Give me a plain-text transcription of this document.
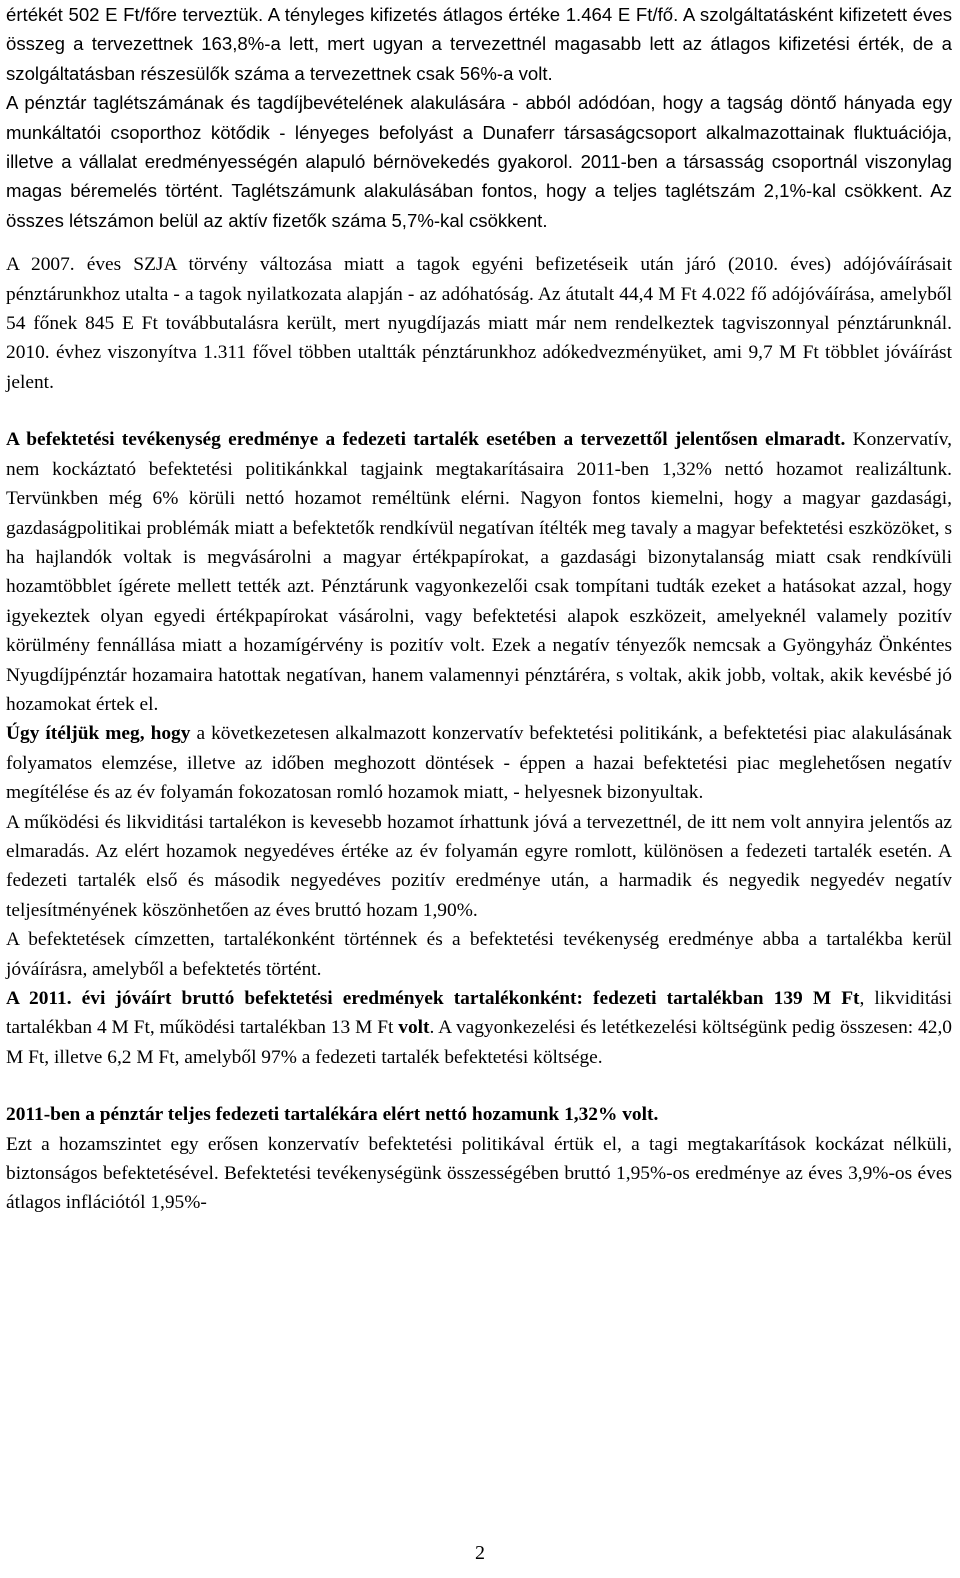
értékét 502 E Ft/főre terveztük. A tényleges kifizetés átlagos értéke 1.464 E Ft/fő. A szolgáltatásként kifizetett éves összeg a tervezettnek 163,8%-a lett, mert ugyan a tervezettnél magasabb lett az átlagos kifizetési érték, de a szolgáltatásban részesülők száma a tervezettnek csak 56%-a volt.

A pénztár taglétszámának és tagdíjbevételének alakulására - abból adódóan, hogy a tagság döntő hányada egy munkáltatói csoporthoz kötődik - lényeges befolyást a Dunaferr társaságcsoport alkalmazottainak fluktuációja, illetve a vállalat eredményességén alapuló bérnövekedés gyakorol. 2011-ben a társasság csoportnál viszonylag magas béremelés történt. Taglétszámunk alakulásában fontos, hogy a teljes taglétszám 2,1%-kal csökkent. Az összes létszámon belül az aktív fizetők száma 5,7%-kal csökkent.

A 2007. éves SZJA törvény változása miatt a tagok egyéni befizetéseik után járó (2010. éves) adójóváírásait pénztárunkhoz utalta - a tagok nyilatkozata alapján - az adóhatóság. Az átutalt 44,4 M Ft 4.022 fő adójóváírása, amelyből 54 főnek 845 E Ft továbbutalásra került, mert nyugdíjazás miatt már nem rendelkeztek tagviszonnyal pénztárunknál. 2010. évhez viszonyítva 1.311 fővel többen utaltták pénztárunkhoz adókedvezményüket, ami 9,7 M Ft többlet jóváírást jelent.

A befektetési tevékenység eredménye a fedezeti tartalék esetében a tervezettől jelentősen elmaradt. Konzervatív, nem kockáztató befektetési politikánkkal tagjaink megtakarításaira 2011-ben 1,32% nettó hozamot realizáltunk. Tervünkben még 6% körüli nettó hozamot reméltünk elérni. Nagyon fontos kiemelni, hogy a magyar gazdasági, gazdaságpolitikai problémák miatt a befektetők rendkívül negatívan ítélték meg tavaly a magyar befektetési eszközöket, s ha hajlandók voltak is megvásárolni a magyar értékpapírokat, a gazdasági bizonytalanság miatt csak rendkívüli hozamtöbblet ígérete mellett tették azt. Pénztárunk vagyonkezelői csak tompítani tudták ezeket a hatásokat azzal, hogy igyekeztek olyan egyedi értékpapírokat vásárolni, vagy befektetési alapok eszközeit, amelyeknél valamely pozitív körülmény fennállása miatt a hozamígérvény is pozitív volt. Ezek a negatív tényezők nemcsak a Gyöngyház Önkéntes Nyugdíjpénztár hozamaira hatottak negatívan, hanem valamennyi pénztáréra, s voltak, akik jobb, voltak, akik kevésbé jó hozamokat értek el.

Úgy ítéljük meg, hogy a következetesen alkalmazott konzervatív befektetési politikánk, a befektetési piac alakulásának folyamatos elemzése, illetve az időben meghozott döntések - éppen a hazai befektetési piac meglehetősen negatív megítélése és az év folyamán fokozatosan romló hozamok miatt, - helyesnek bizonyultak.

A működési és likviditási tartalékon is kevesebb hozamot írhattunk jóvá a tervezettnél, de itt nem volt annyira jelentős az elmaradás. Az elért hozamok negyedéves értéke az év folyamán egyre romlott, különösen a fedezeti tartalék esetén. A fedezeti tartalék első és második negyedéves pozitív eredménye után, a harmadik és negyedik negyedév negatív teljesítményének köszönhetően az éves bruttó hozam 1,90%.

A befektetések címzetten, tartalékonként történnek és a befektetési tevékenység eredménye abba a tartalékba kerül jóváírásra, amelyből a befektetés történt.

A 2011. évi jóváírt bruttó befektetési eredmények tartalékonként: fedezeti tartalékban 139 M Ft, likviditási tartalékban 4 M Ft, működési tartalékban 13 M Ft volt. A vagyonkezelési és letétkezelési költségünk pedig összesen: 42,0 M Ft, illetve 6,2 M Ft, amelyből 97% a fedezeti tartalék befektetési költsége.

2011-ben a pénztár teljes fedezeti tartalékára elért nettó hozamunk 1,32% volt.

Ezt a hozamszintet egy erősen konzervatív befektetési politikával értük el, a tagi megtakarítások kockázat nélküli, biztonságos befektetésével. Befektetési tevékenységünk összességében bruttó 1,95%-os eredménye az éves 3,9%-os éves átlagos inflációtól 1,95%-

2
